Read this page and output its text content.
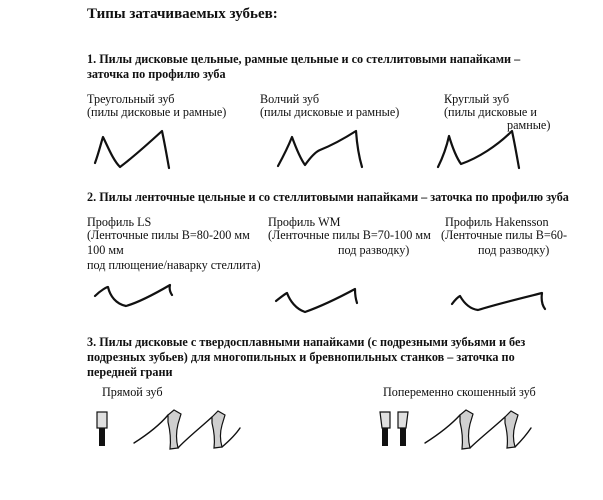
Типы затачиваемых зубьев:
1. Пилы дисковые цельные, рамные цельные и со стеллитовыми напайками – заточка по профилю зуба
Треугольный зуб
(пилы дисковые и рамные)
Волчий зуб
(пилы дисковые и рамные)
Круглый зуб
(пилы дисковые и
рамные)
2. Пилы ленточные цельные и со стеллитовыми напайками – заточка по профилю зуба
Профиль LS
(Ленточные пилы В=80-200 мм
100 мм
под плющение/наварку стеллита)
Профиль WM
(Ленточные пилы В=70-100 мм
под разводку)
Профиль Hakensson
(Ленточные пилы В=60-
под разводку)
3. Пилы дисковые с твердосплавными напайками (с подрезными зубьями и без подрезных зубьев) для многопильных и бревнопильных станков – заточка по передней грани
Прямой зуб	Попеременно скошенный зуб
